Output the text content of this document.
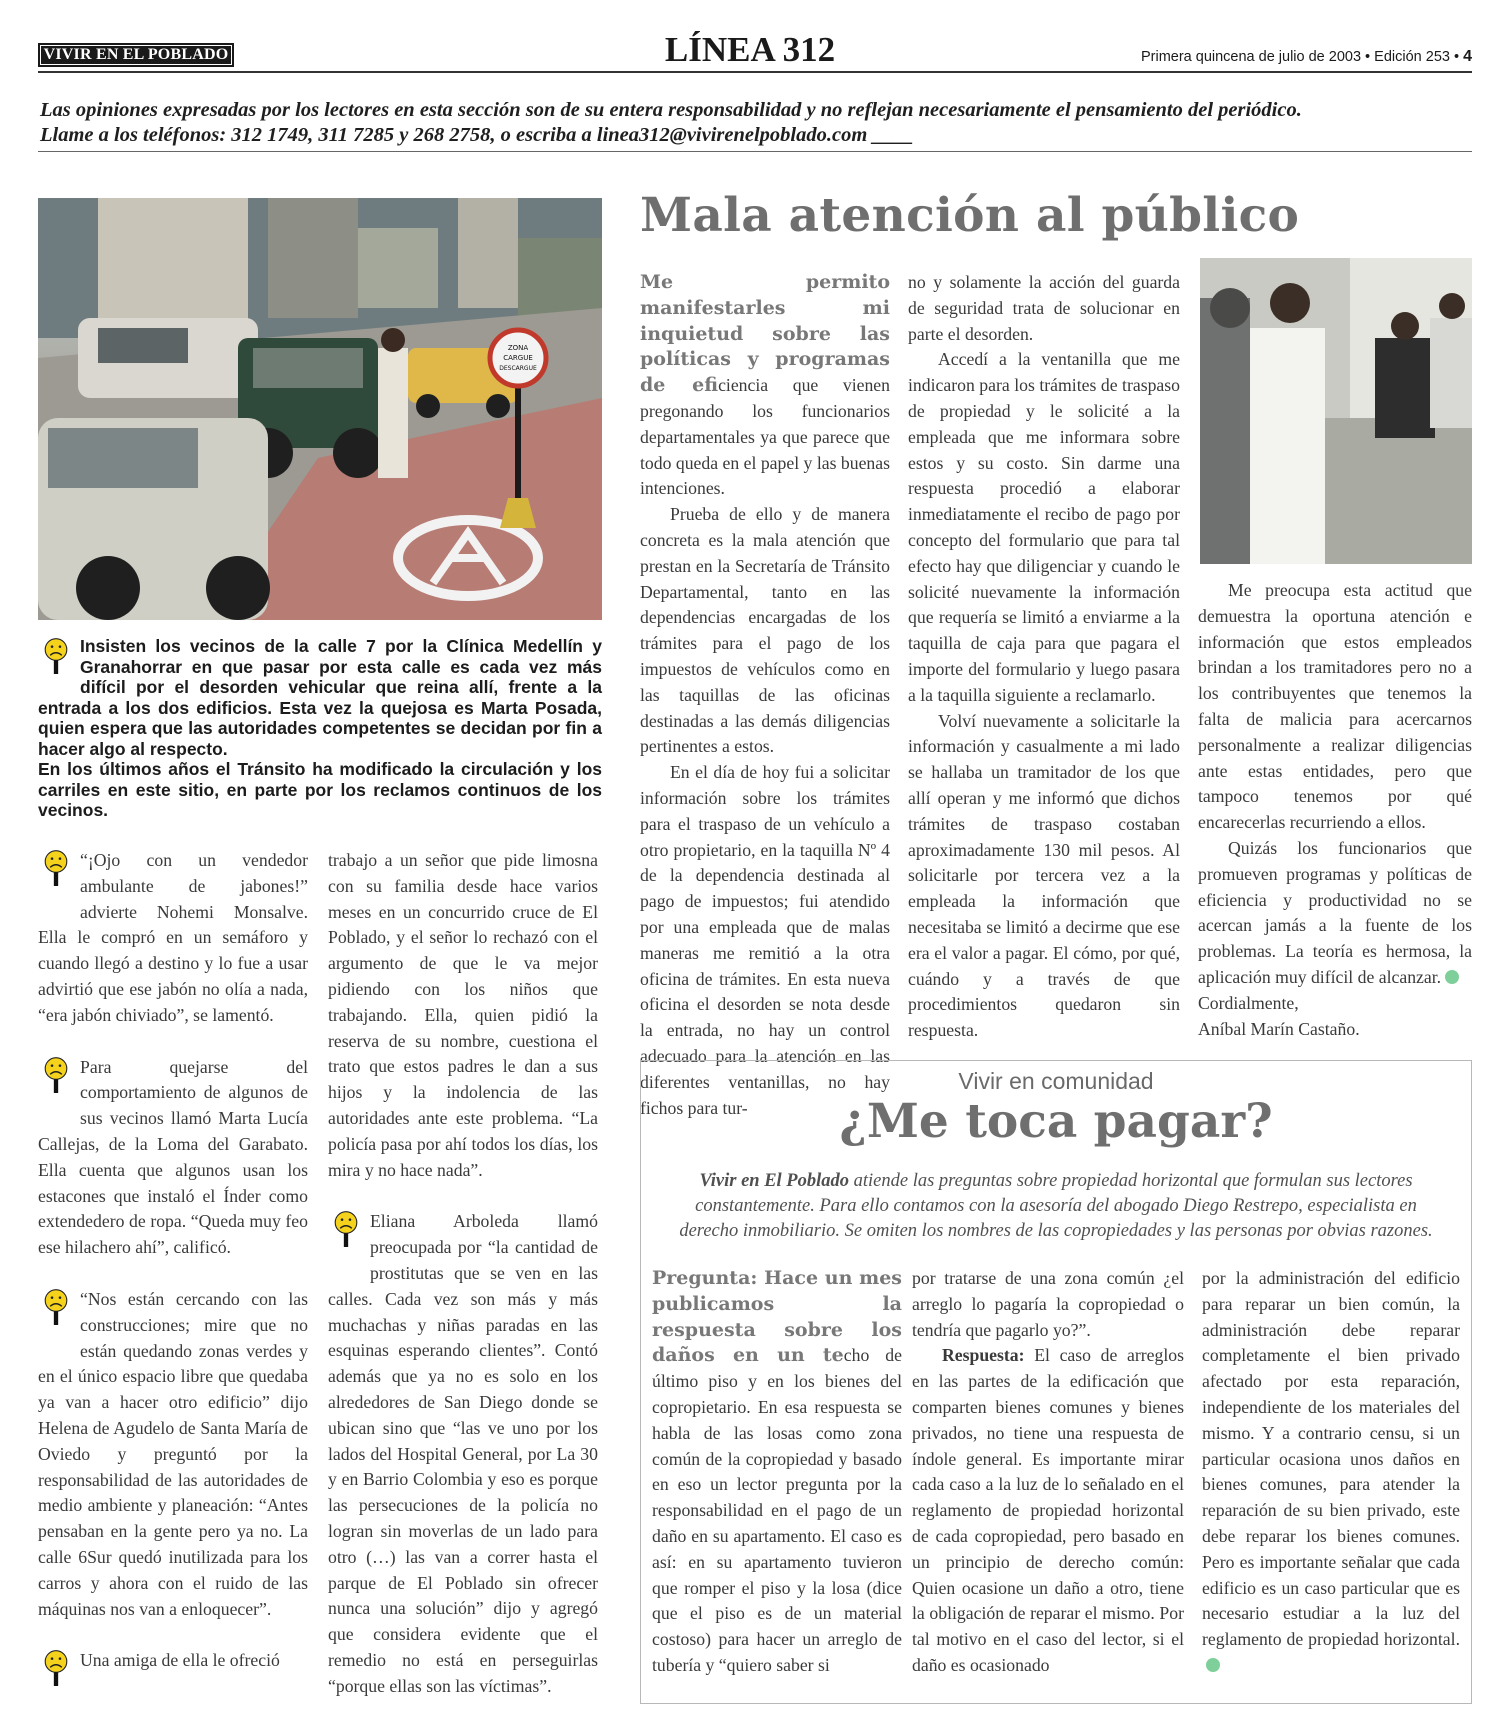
VIVIR EN EL POBLADO	LÍNEA 312	Primera quincena de julio de 2003 • Edición 253 • 4
Las opiniones expresadas por los lectores en esta sección son de su entera responsabilidad y no reflejan necesariamente el pensamiento del periódico.
Llame a los teléfonos: 312 1749, 311 7285 y 268 2758, o escriba a linea312@vivirenelpoblado.com ____
ZONA
CARGUE
DESCARGUE

Insisten los vecinos de la calle 7 por la Clínica Medellín y Granahorrar en que pasar por esta calle es cada vez más difícil por el desorden vehicular que reina allí, frente a la entrada a los dos edificios. Esta vez la quejosa es Marta Posada, quien espera que las autoridades competentes se decidan por fin a hacer algo al respecto.

En los últimos años el Tránsito ha modificado la circulación y los carriles en este sitio, en parte por los reclamos continuos de los vecinos.

“¡Ojo con un vendedor ambulante de jabones!” advierte Nohemi Monsalve. Ella le compró en un semáforo y cuando llegó a destino y lo fue a usar advirtió que ese jabón no olía a nada, “era jabón chiviado”, se lamentó.

Para quejarse del comportamiento de algunos de sus vecinos llamó Marta Lucía Callejas, de la Loma del Garabato. Ella cuenta que algunos usan los estacones que instaló el Índer como extendedero de ropa. “Queda muy feo ese hilachero ahí”, calificó.

“Nos están cercando con las construcciones; mire que no están quedando zonas verdes y en el único espacio libre que quedaba ya van a hacer otro edificio” dijo Helena de Agudelo de Santa María de Oviedo y preguntó por la responsabilidad de las autoridades de medio ambiente y planeación: “Antes pensaban en la gente pero ya no. La calle 6Sur quedó inutilizada para los carros y ahora con el ruido de las máquinas nos van a enloquecer”.

Una amiga de ella le ofreció

trabajo a un señor que pide limosna con su familia desde hace varios meses en un concurrido cruce de El Poblado, y el señor lo rechazó con el argumento de que le va mejor pidiendo con los niños que trabajando. Ella, quien pidió la reserva de su nombre, cuestiona el trato que estos padres le dan a sus hijos y la indolencia de las autoridades ante este problema. “La policía pasa por ahí todos los días, los mira y no hace nada”.

Eliana Arboleda llamó preocupada por “la cantidad de prostitutas que se ven en las calles. Cada vez son más y más muchachas y niñas paradas en las esquinas esperando clientes”. Contó además que ya no es solo en los alrededores de San Diego donde se ubican sino que “las ve uno por los lados del Hospital General, por La 30 y en Barrio Colombia y eso es porque las persecuciones de la policía no logran sin moverlas de un lado para otro (…) las van a correr hasta el parque de El Poblado sin ofrecer nunca una solución” dijo y agregó que considera evidente que el remedio no está en perseguirlas “porque ellas son las víctimas”.

Mala atención al público

Me permito manifestarles mi inquietud sobre las políticas y programas de eficiencia que vienen pregonando los funcionarios departamentales ya que parece que todo queda en el papel y las buenas intenciones.

Prueba de ello y de manera concreta es la mala atención que prestan en la Secretaría de Tránsito Departamental, tanto en las dependencias encargadas de los trámites para el pago de los impuestos de vehículos como en las taquillas de las oficinas destinadas a las demás diligencias pertinentes a estos.

En el día de hoy fui a solicitar información sobre los trámites para el traspaso de un vehículo a otro propietario, en la taquilla Nº 4 de la dependencia destinada al pago de impuestos; fui atendido por una empleada que de malas maneras me remitió a la otra oficina de trámites. En esta nueva oficina el desorden se nota desde la entrada, no hay un control adecuado para la atención en las diferentes ventanillas, no hay fichos para tur-

no y solamente la acción del guarda de seguridad trata de solucionar en parte el desorden.

Accedí a la ventanilla que me indicaron para los trámites de traspaso de propiedad y le solicité a la empleada que me informara sobre estos y su costo. Sin darme una respuesta procedió a elaborar inmediatamente el recibo de pago por concepto del formulario que para tal efecto hay que diligenciar y cuando le solicité nuevamente la información que requería se limitó a enviarme a la taquilla de caja para que pagara el importe del formulario y luego pasara a la taquilla siguiente a reclamarlo.

Volví nuevamente a solicitarle la información y casualmente a mi lado se hallaba un tramitador de los que allí operan y me informó que dichos trámites de traspaso costaban aproximadamente 130 mil pesos. Al solicitarle por tercera vez a la empleada la información que necesitaba se limitó a decirme que ese era el valor a pagar. El cómo, por qué, cuándo y a través de que procedimientos quedaron sin respuesta.

Me preocupa esta actitud que demuestra la oportuna atención e información que estos empleados brindan a los tramitadores pero no a los contribuyentes que tenemos la falta de malicia para acercarnos personalmente a realizar diligencias ante estas entidades, pero que tampoco tenemos por qué encarecerlas recurriendo a ellos.

Quizás los funcionarios que promueven programas y políticas de eficiencia y productividad no se acercan jamás a la fuente de los problemas. La teoría es hermosa, la aplicación muy difícil de alcanzar.

Cordialmente,

Aníbal Marín Castaño.

Vivir en comunidad
¿Me toca pagar?
Vivir en El Poblado atiende las preguntas sobre propiedad horizontal que formulan sus lectores constantemente. Para ello contamos con la asesoría del abogado Diego Restrepo, especialista en derecho inmobiliario. Se omiten los nombres de las copropiedades y las personas por obvias razones.

Pregunta: Hace un mes publicamos la respuesta sobre los daños en un techo de último piso y en los bienes del copropietario. En esa respuesta se habla de las losas como zona común de la copropiedad y basado en eso un lector pregunta por la responsabilidad en el pago de un daño en su apartamento. El caso es así: en su apartamento tuvieron que romper el piso y la losa (dice que el piso es de un material costoso) para hacer un arreglo de tubería y “quiero saber si

por tratarse de una zona común ¿el arreglo lo pagaría la copropiedad o tendría que pagarlo yo?”.

Respuesta: El caso de arreglos en las partes de la edificación que comparten bienes comunes y bienes privados, no tiene una respuesta de índole general. Es importante mirar cada caso a la luz de lo señalado en el reglamento de propiedad horizontal de cada copropiedad, pero basado en un principio de derecho común: Quien ocasione un daño a otro, tiene la obligación de reparar el mismo. Por tal motivo en el caso del lector, si el daño es ocasionado

por la administración del edificio para reparar un bien común, la administración debe reparar completamente el bien privado afectado por esta reparación, independiente de los materiales del mismo. Y a contrario censu, si un particular ocasiona unos daños en bienes comunes, para atender la reparación de su bien privado, este debe reparar los bienes comunes. Pero es importante señalar que cada edificio es un caso particular que es necesario estudiar a la luz del reglamento de propiedad horizontal.
